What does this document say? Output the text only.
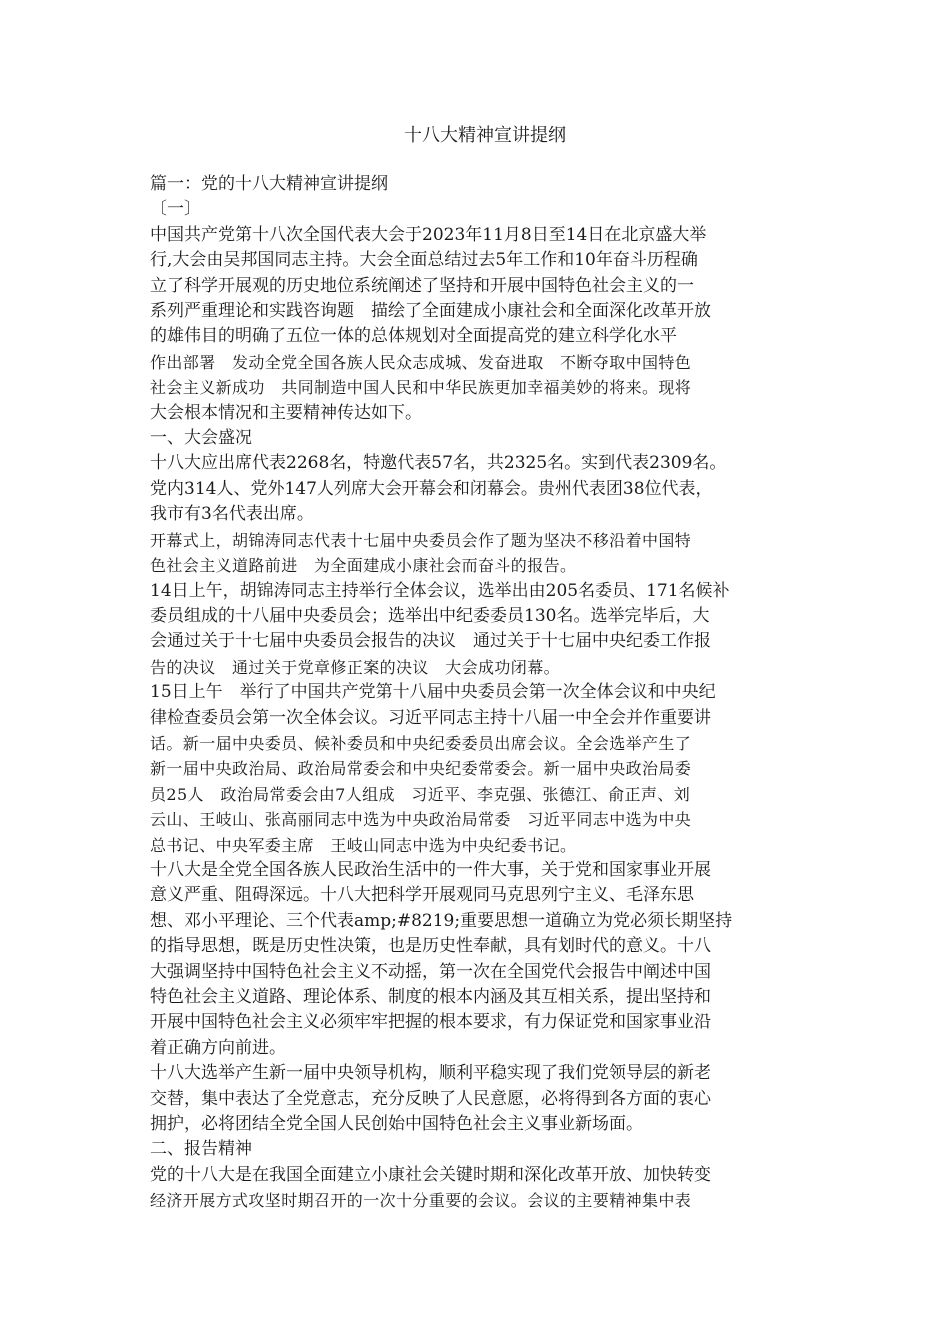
十八大精神宣讲提纲
篇一：党的十八大精神宣讲提纲
〔一〕
中国共产党第十八次全国代表大会于2023年11月8日至14日在北京盛大举
行,大会由吴邦国同志主持。大会全面总结过去5年工作和10年奋斗历程确
立了科学开展观的历史地位系统阐述了坚持和开展中国特色社会主义的一
系列严重理论和实践咨询题　描绘了全面建成小康社会和全面深化改革开放
的雄伟目的明确了五位一体的总体规划对全面提高党的建立科学化水平
作出部署　发动全党全国各族人民众志成城、发奋进取　不断夺取中国特色
社会主义新成功　共同制造中国人民和中华民族更加幸福美妙的将来。现将
大会根本情况和主要精神传达如下。
一、大会盛况
十八大应出席代表2268名，特邀代表57名，共2325名。实到代表2309名。
党内314人、党外147人列席大会开幕会和闭幕会。贵州代表团38位代表，
我市有3名代表出席。
开幕式上，胡锦涛同志代表十七届中央委员会作了题为坚决不移沿着中国特
色社会主义道路前进　为全面建成小康社会而奋斗的报告。
14日上午，胡锦涛同志主持举行全体会议，选举出由205名委员、171名候补
委员组成的十八届中央委员会；选举出中纪委委员130名。选举完毕后，大
会通过关于十七届中央委员会报告的决议　通过关于十七届中央纪委工作报
告的决议　通过关于党章修正案的决议　大会成功闭幕。
15日上午　举行了中国共产党第十八届中央委员会第一次全体会议和中央纪
律检查委员会第一次全体会议。习近平同志主持十八届一中全会并作重要讲
话。新一届中央委员、候补委员和中央纪委委员出席会议。全会选举产生了
新一届中央政治局、政治局常委会和中央纪委常委会。新一届中央政治局委
员25人　政治局常委会由7人组成　习近平、李克强、张德江、俞正声、刘
云山、王岐山、张高丽同志中选为中央政治局常委　习近平同志中选为中央
总书记、中央军委主席　王岐山同志中选为中央纪委书记。
十八大是全党全国各族人民政治生活中的一件大事，关于党和国家事业开展
意义严重、阻碍深远。十八大把科学开展观同马克思列宁主义、毛泽东思
想、邓小平理论、三个代表amp;#8219;重要思想一道确立为党必须长期坚持
的指导思想，既是历史性决策，也是历史性奉献，具有划时代的意义。十八
大强调坚持中国特色社会主义不动摇，第一次在全国党代会报告中阐述中国
特色社会主义道路、理论体系、制度的根本内涵及其互相关系，提出坚持和
开展中国特色社会主义必须牢牢把握的根本要求，有力保证党和国家事业沿
着正确方向前进。
十八大选举产生新一届中央领导机构，顺利平稳实现了我们党领导层的新老
交替，集中表达了全党意志，充分反映了人民意愿，必将得到各方面的衷心
拥护，必将团结全党全国人民创始中国特色社会主义事业新场面。
二、报告精神
党的十八大是在我国全面建立小康社会关键时期和深化改革开放、加快转变
经济开展方式攻坚时期召开的一次十分重要的会议。会议的主要精神集中表
